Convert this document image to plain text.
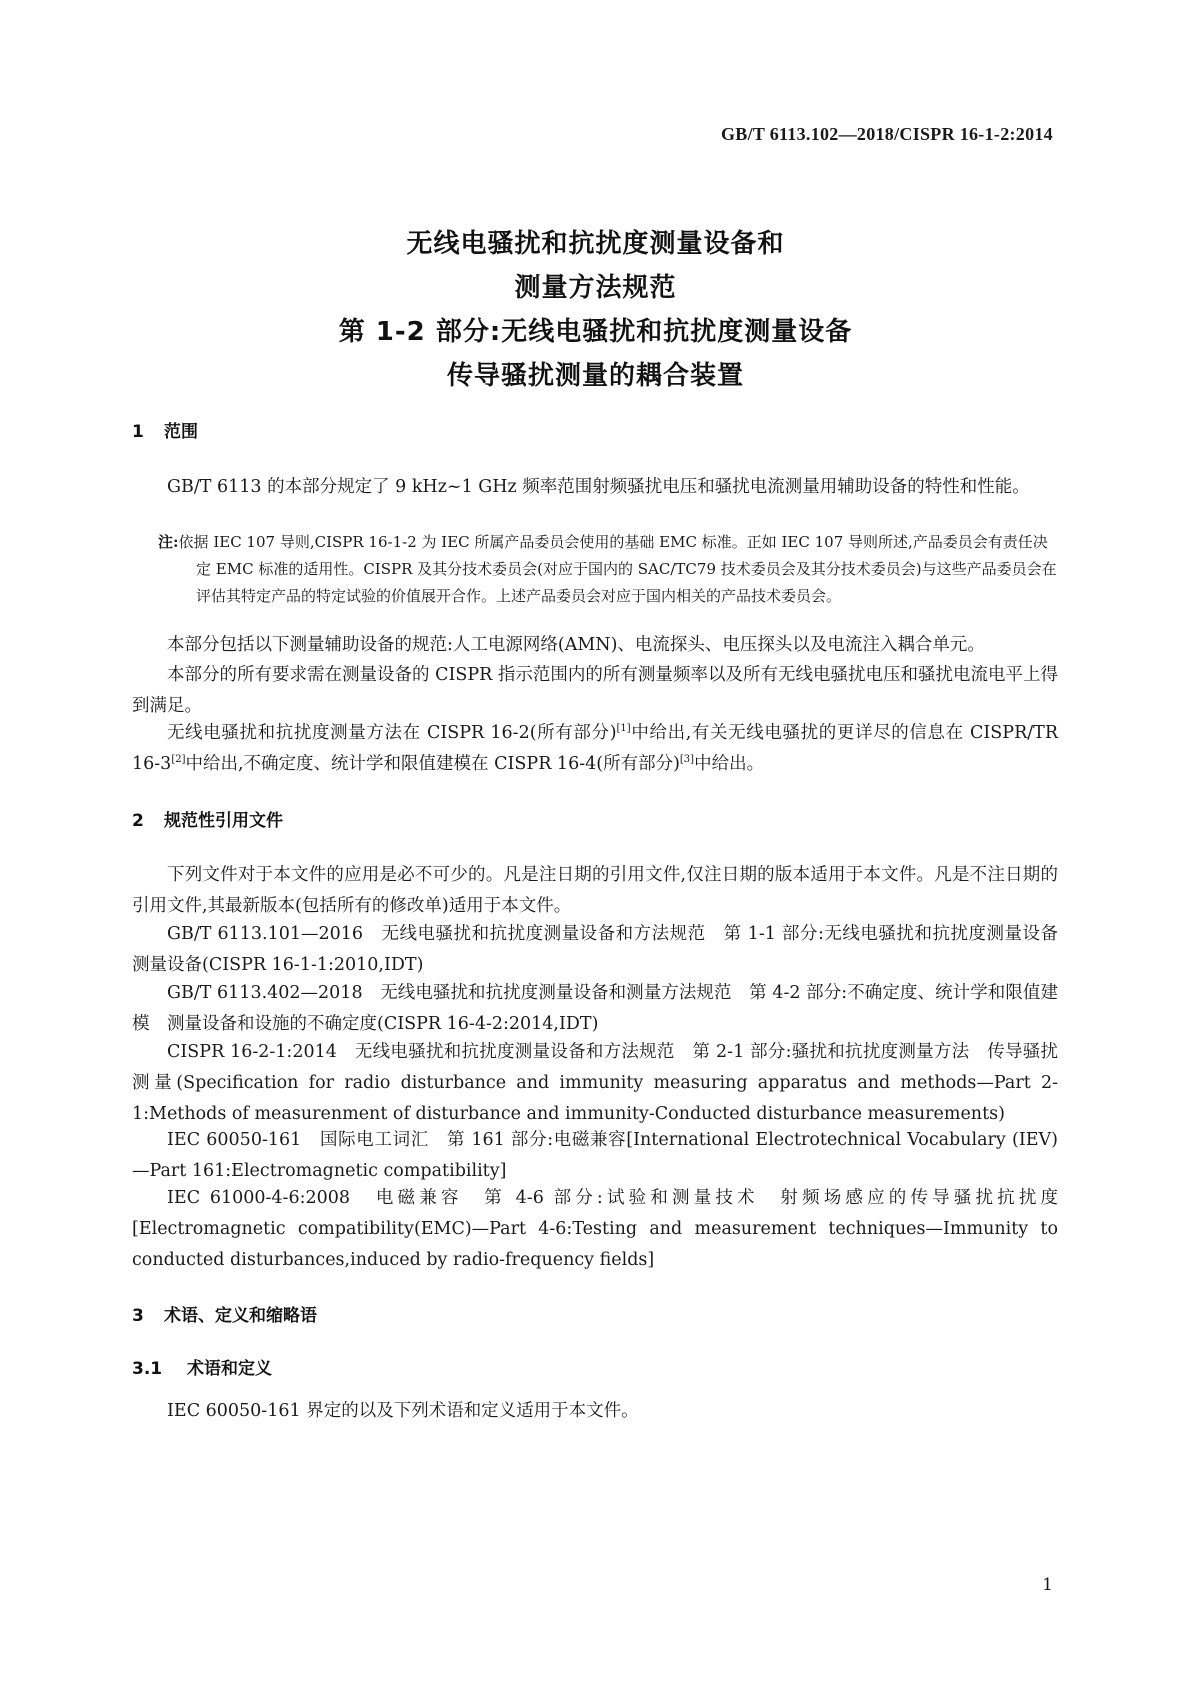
GB/T 6113.102—2018/CISPR 16-1-2:2014
无线电骚扰和抗扰度测量设备和
测量方法规范
第 1-2 部分:无线电骚扰和抗扰度测量设备
传导骚扰测量的耦合装置
1 范围

GB/T 6113 的本部分规定了 9 kHz~1 GHz 频率范围射频骚扰电压和骚扰电流测量用辅助设备的特性和性能。

注:依据 IEC 107 导则,CISPR 16-1-2 为 IEC 所属产品委员会使用的基础 EMC 标准。正如 IEC 107 导则所述,产品委员会有责任决定 EMC 标准的适用性。CISPR 及其分技术委员会(对应于国内的 SAC/TC79 技术委员会及其分技术委员会)与这些产品委员会在评估其特定产品的特定试验的价值展开合作。上述产品委员会对应于国内相关的产品技术委员会。

本部分包括以下测量辅助设备的规范:人工电源网络(AMN)、电流探头、电压探头以及电流注入耦合单元。

本部分的所有要求需在测量设备的 CISPR 指示范围内的所有测量频率以及所有无线电骚扰电压和骚扰电流电平上得到满足。

无线电骚扰和抗扰度测量方法在 CISPR 16-2(所有部分)[1]中给出,有关无线电骚扰的更详尽的信息在 CISPR/TR 16-3[2]中给出,不确定度、统计学和限值建模在 CISPR 16-4(所有部分)[3]中给出。

2 规范性引用文件

下列文件对于本文件的应用是必不可少的。凡是注日期的引用文件,仅注日期的版本适用于本文件。凡是不注日期的引用文件,其最新版本(包括所有的修改单)适用于本文件。

GB/T 6113.101—2016　无线电骚扰和抗扰度测量设备和方法规范　第 1-1 部分:无线电骚扰和抗扰度测量设备　测量设备(CISPR 16-1-1:2010,IDT)

GB/T 6113.402—2018　无线电骚扰和抗扰度测量设备和测量方法规范　第 4-2 部分:不确定度、统计学和限值建模　测量设备和设施的不确定度(CISPR 16-4-2:2014,IDT)

CISPR 16-2-1:2014　无线电骚扰和抗扰度测量设备和方法规范　第 2-1 部分:骚扰和抗扰度测量方法　传导骚扰测量(Specification for radio disturbance and immunity measuring apparatus and methods—Part 2-1:Methods of measurenment of disturbance and immunity-Conducted disturbance measurements)

IEC 60050-161　国际电工词汇　第 161 部分:电磁兼容[International Electrotechnical Vocabulary (IEV)—Part 161:Electromagnetic compatibility]

IEC 61000-4-6:2008　电磁兼容　第 4-6 部分:试验和测量技术　射频场感应的传导骚扰抗扰度[Electromagnetic compatibility(EMC)—Part 4-6:Testing and measurement techniques—Immunity to conducted disturbances,induced by radio-frequency fields]

3 术语、定义和缩略语
3.1 术语和定义

IEC 60050-161 界定的以及下列术语和定义适用于本文件。

1
